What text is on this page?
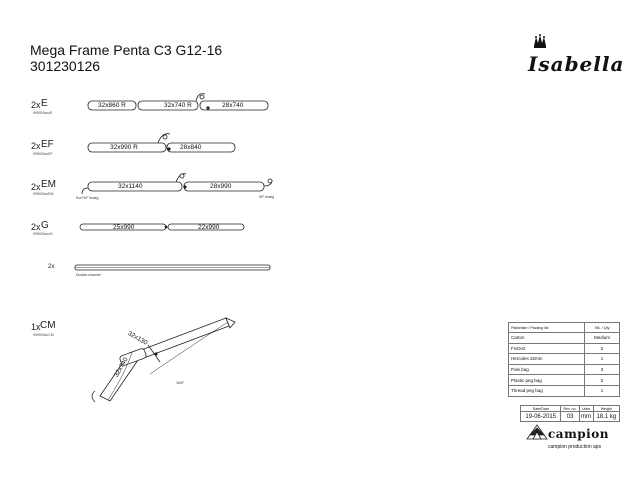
Mega Frame Penta C3 G12-16
301230126	Isabella
2x E
999003zzzE
32x860 R	32x740 R	28x740
2x EF
999003zzEF
32x990 R	28x840
2x EM
999003zzEM
32x1140	28x990
Korf 90° knæg	90° knæg
2x G
999003zzzG
25x990	22x990
2x
Double-channel
1x CM
999003zzCM	32x130
32x740
155°
Pakkeliste / Packing list	Stk. / Qty
Carton	Medium
FixOn2	2
Hercules 32mm	1
Pole bag	3
Plastic peg bag	2
Thread peg bag	1
Date/Dato	Rev. no.	Units	Weight
19-06-2015	03	mm	18,1 kg
campion
campion production aps
